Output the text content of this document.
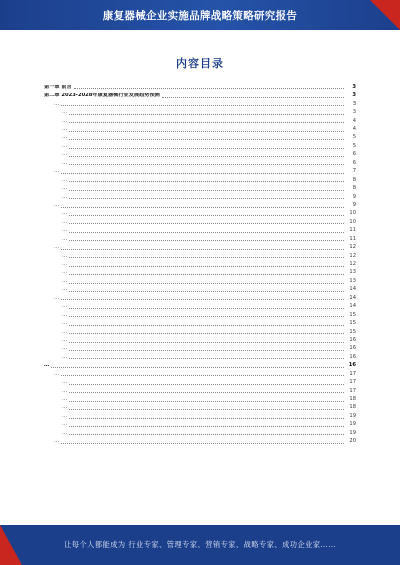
康复器械企业实施品牌战略策略研究报告
内容目录
第一章 前言	3
第二章 2023-2028年康复器械行业发展趋势预测	3
…	3
…	3
…	4
…	4
…	5
…	5
…	6
…	6
…	7
…	8
…	8
…	9
…	9
…	10
…	10
…	11
…	11
…	12
…	12
…	12
…	13
…	13
…	14
…	14
…	14
…	15
…	15
…	15
…	16
…	16
…	16
…	16
…	17
…	17
…	17
…	18
…	18
…	19
…	19
…	19
…	20
让每个人都能成为 行业专家、管理专家、营销专家、战略专家、成功企业家……
